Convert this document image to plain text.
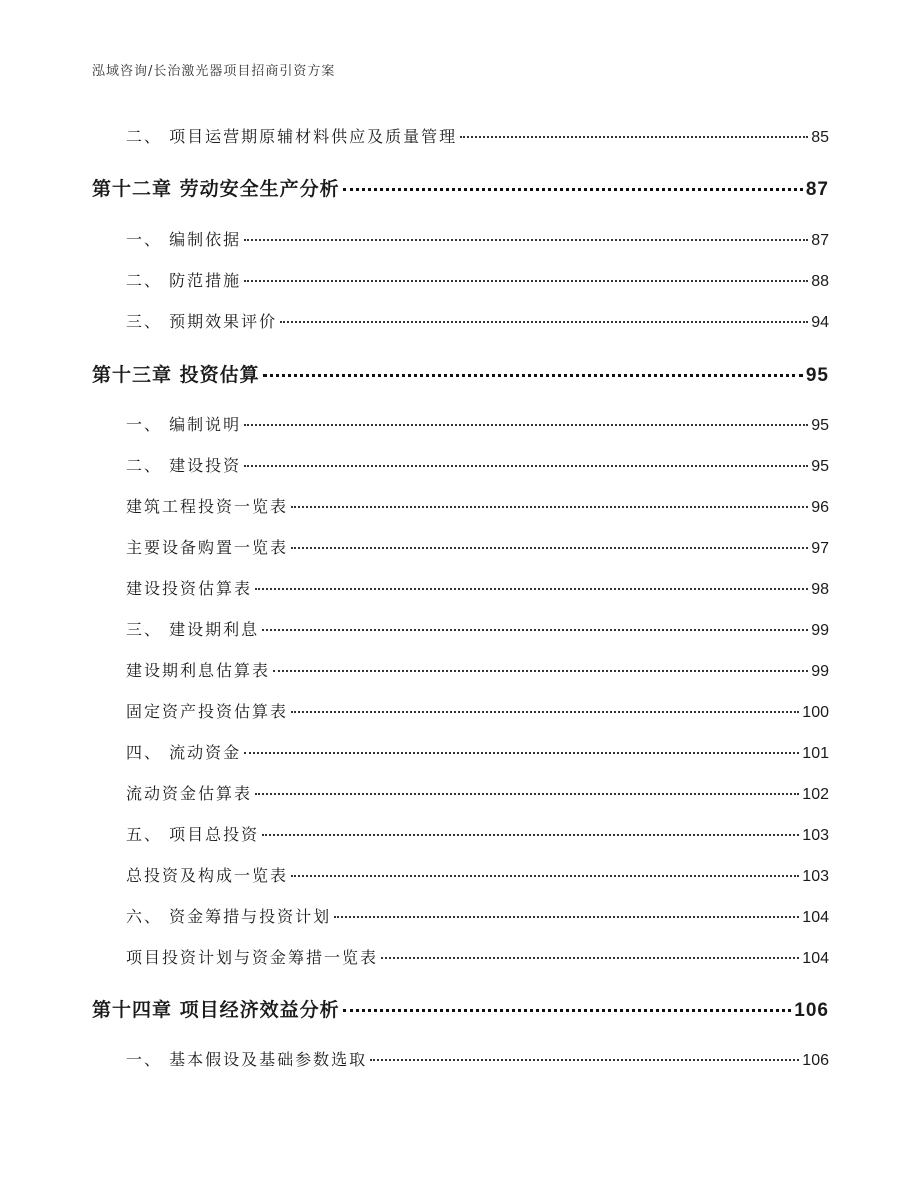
泓域咨询/长治激光器项目招商引资方案
二、 项目运营期原辅材料供应及质量管理	85
第十二章 劳动安全生产分析	87
一、 编制依据	87
二、 防范措施	88
三、 预期效果评价	94
第十三章 投资估算	95
一、 编制说明	95
二、 建设投资	95
建筑工程投资一览表	96
主要设备购置一览表	97
建设投资估算表	98
三、 建设期利息	99
建设期利息估算表	99
固定资产投资估算表	100
四、 流动资金	101
流动资金估算表	102
五、 项目总投资	103
总投资及构成一览表	103
六、 资金筹措与投资计划	104
项目投资计划与资金筹措一览表	104
第十四章 项目经济效益分析	106
一、 基本假设及基础参数选取	106
